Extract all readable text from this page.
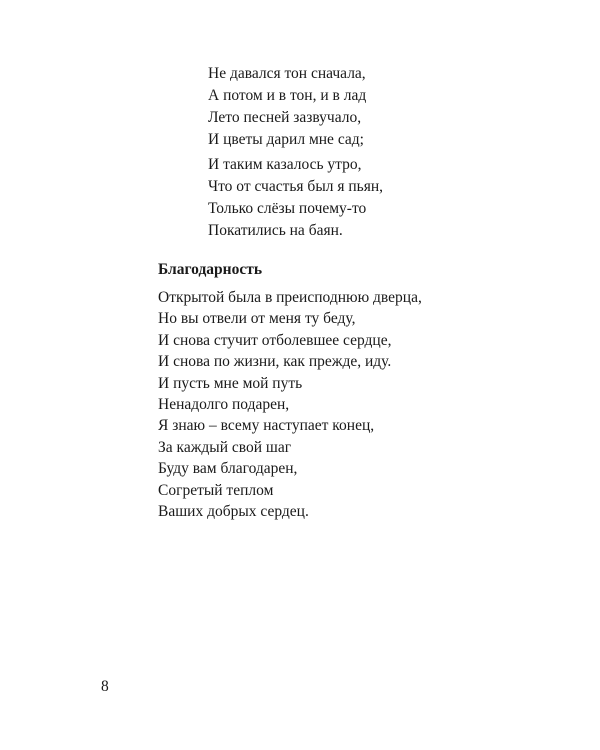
Не давался тон сначала,
А потом и в тон, и в лад
Лето песней зазвучало,
И цветы дарил мне сад;
И таким казалось утро,
Что от счастья был я пьян,
Только слёзы почему-то
Покатились на баян.
Благодарность
Открытой была в преисподнюю дверца,
Но вы отвели от меня ту беду,
И снова стучит отболевшее сердце,
И снова по жизни, как прежде, иду.
И пусть мне мой путь
Ненадолго подарен,
Я знаю – всему наступает конец,
За каждый свой шаг
Буду вам благодарен,
Согретый теплом
Ваших добрых сердец.
8
